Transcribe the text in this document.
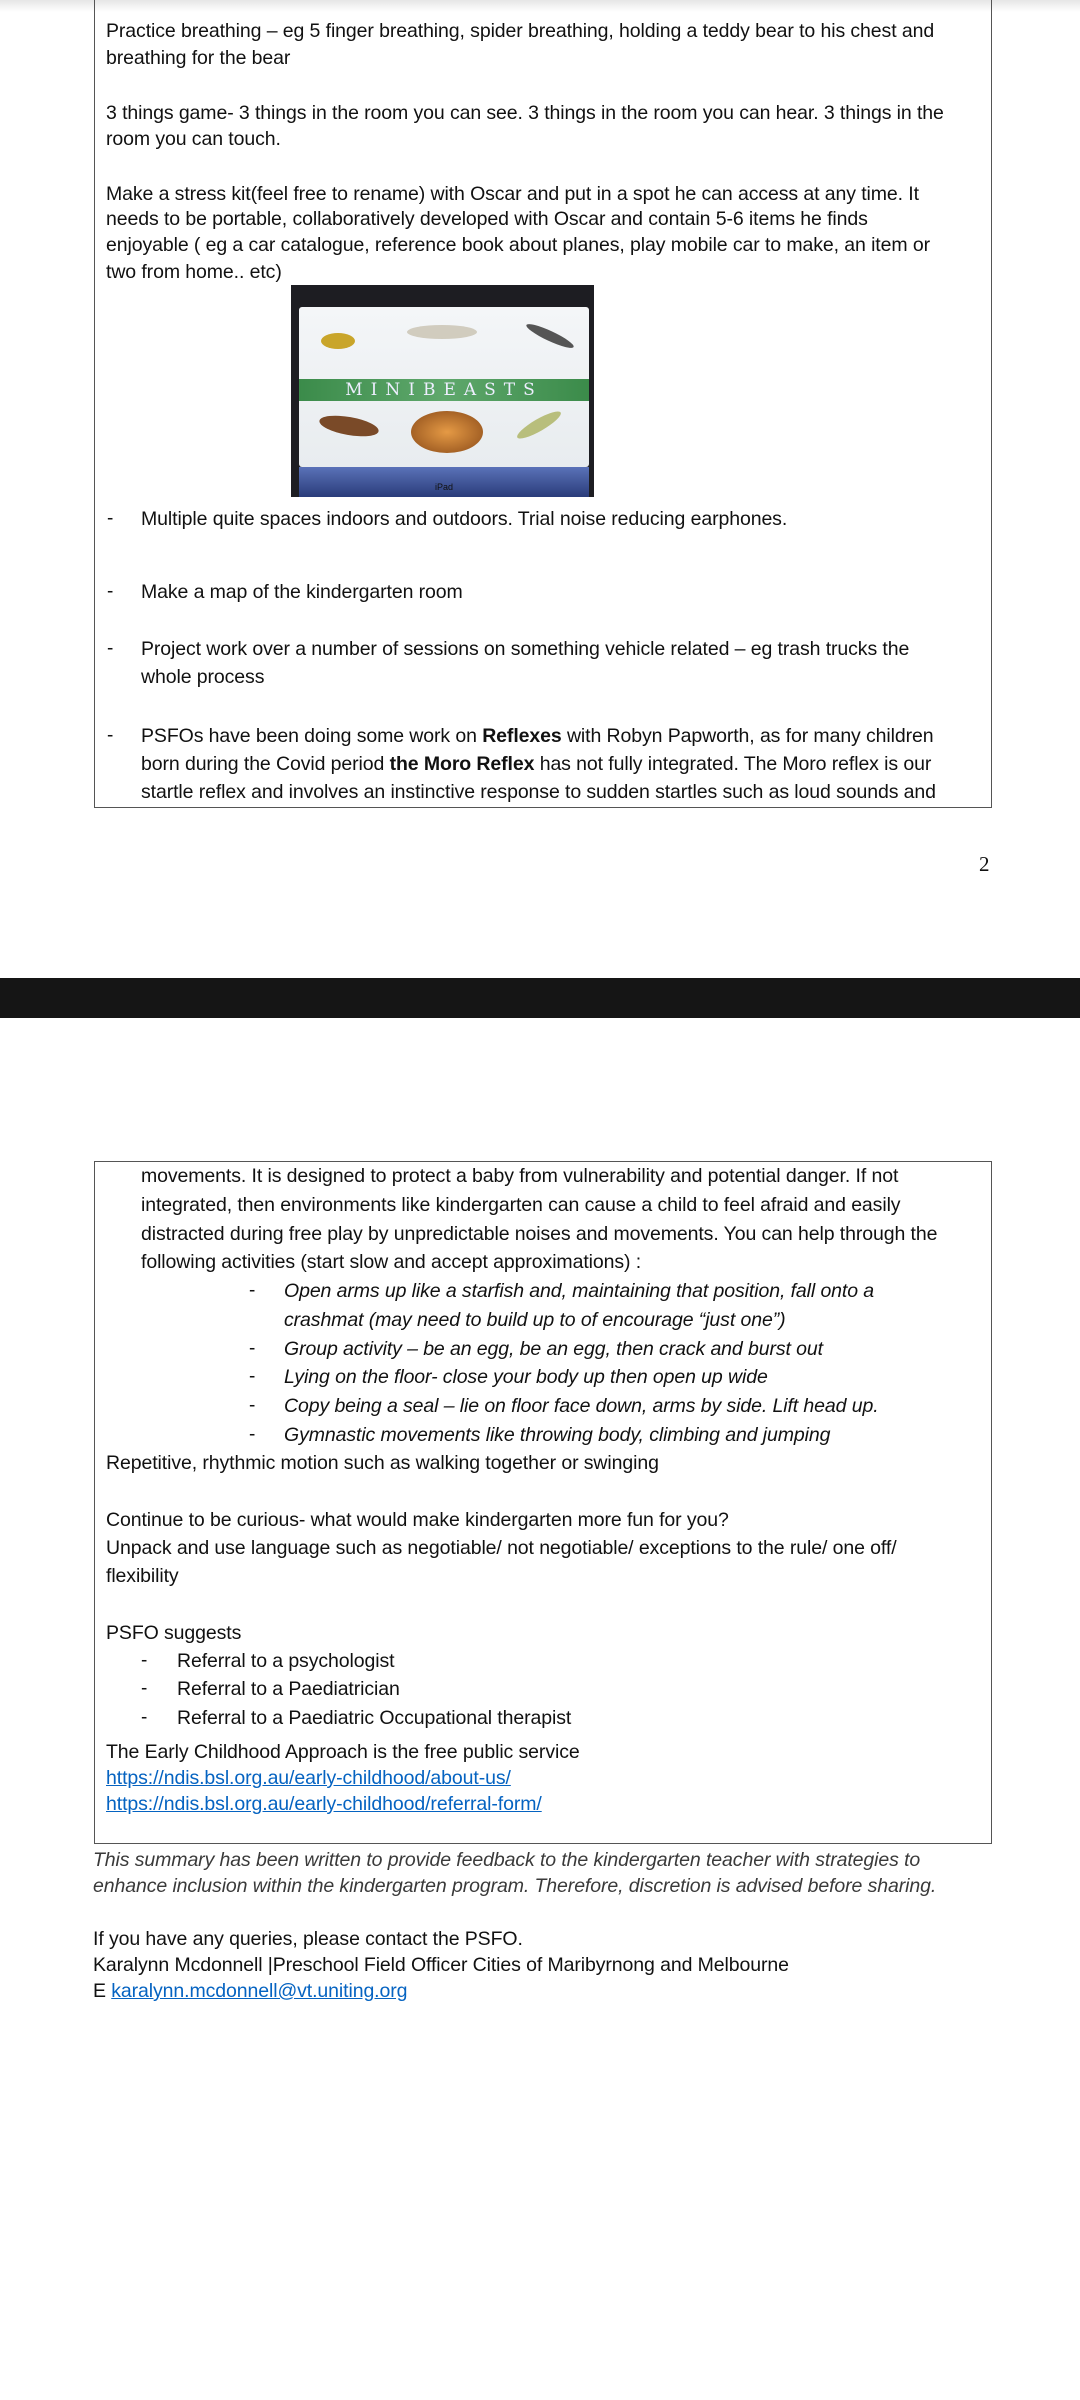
Practice breathing – eg 5 finger breathing, spider breathing, holding a teddy bear to his chest and
breathing for the bear
3 things game- 3 things in the room you can see. 3 things in the room you can hear. 3 things in the
room you can touch.
Make a stress kit(feel free to rename) with Oscar and put in a spot he can access at any time. It
needs to be portable, collaboratively developed with Oscar and contain 5-6 items he finds
enjoyable ( eg a car catalogue, reference book about planes, play mobile car to make, an item or
two from home.. etc)
MINIBEASTS
iPad
- Multiple quite spaces indoors and outdoors. Trial noise reducing earphones.
- Make a map of the kindergarten room
- Project work over a number of sessions on something vehicle related – eg trash trucks the
whole process
- PSFOs have been doing some work on Reflexes with Robyn Papworth, as for many children
born during the Covid period the Moro Reflex has not fully integrated. The Moro reflex is our
startle reflex and involves an instinctive response to sudden startles such as loud sounds and
2
movements. It is designed to protect a baby from vulnerability and potential danger. If not
integrated, then environments like kindergarten can cause a child to feel afraid and easily
distracted during free play by unpredictable noises and movements. You can help through the
following activities (start slow and accept approximations) :
- Open arms up like a starfish and, maintaining that position, fall onto a
crashmat (may need to build up to of encourage “just one”)
- Group activity – be an egg, be an egg, then crack and burst out
- Lying on the floor- close your body up then open up wide
- Copy being a seal – lie on floor face down, arms by side. Lift head up.
- Gymnastic movements like throwing body, climbing and jumping
Repetitive, rhythmic motion such as walking together or swinging
Continue to be curious- what would make kindergarten more fun for you?
Unpack and use language such as negotiable/ not negotiable/ exceptions to the rule/ one off/
flexibility
PSFO suggests
- Referral to a psychologist
- Referral to a Paediatrician
- Referral to a Paediatric Occupational therapist
The Early Childhood Approach is the free public service
https://ndis.bsl.org.au/early-childhood/about-us/
https://ndis.bsl.org.au/early-childhood/referral-form/
This summary has been written to provide feedback to the kindergarten teacher with strategies to
enhance inclusion within the kindergarten program. Therefore, discretion is advised before sharing.
If you have any queries, please contact the PSFO.
Karalynn Mcdonnell |Preschool Field Officer Cities of Maribyrnong and Melbourne
E karalynn.mcdonnell@vt.uniting.org
